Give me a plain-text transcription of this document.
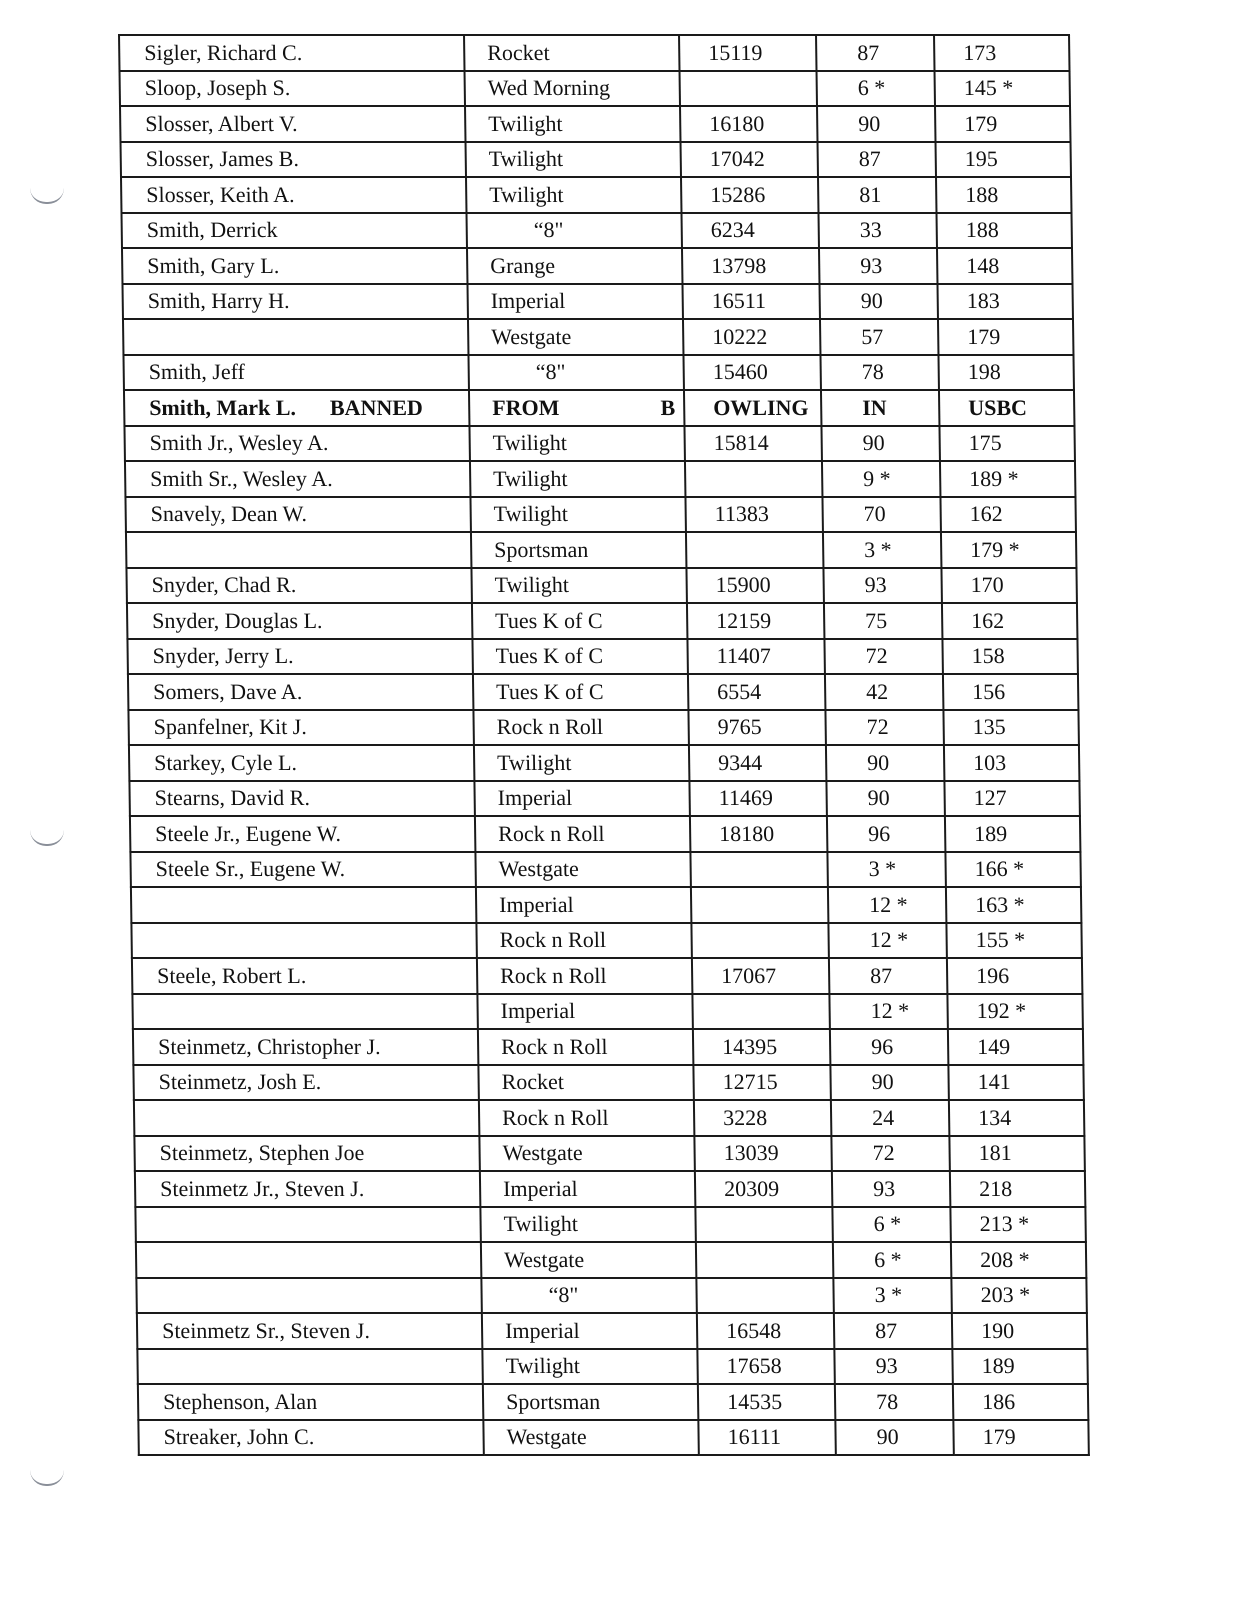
Sigler, Richard C.	Rocket	15119	87	173
Sloop, Joseph S.	Wed Morning		6 *	145 *
Slosser, Albert V.	Twilight	16180	90	179
Slosser, James B.	Twilight	17042	87	195
Slosser, Keith A.	Twilight	15286	81	188
Smith, Derrick	“8"	6234	33	188
Smith, Gary L.	Grange	13798	93	148
Smith, Harry H.	Imperial	16511	90	183
	Westgate	10222	57	179
Smith, Jeff	“8"	15460	78	198
Smith, Mark L. BANNED	FROM B	OWLING	IN	USBC
Smith Jr., Wesley A.	Twilight	15814	90	175
Smith Sr., Wesley A.	Twilight		9 *	189 *
Snavely, Dean W.	Twilight	11383	70	162
	Sportsman		3 *	179 *
Snyder, Chad R.	Twilight	15900	93	170
Snyder, Douglas L.	Tues K of C	12159	75	162
Snyder, Jerry L.	Tues K of C	11407	72	158
Somers, Dave A.	Tues K of C	6554	42	156
Spanfelner, Kit J.	Rock n Roll	9765	72	135
Starkey, Cyle L.	Twilight	9344	90	103
Stearns, David R.	Imperial	11469	90	127
Steele Jr., Eugene W.	Rock n Roll	18180	96	189
Steele Sr., Eugene W.	Westgate		3 *	166 *
	Imperial		12 *	163 *
	Rock n Roll		12 *	155 *
Steele, Robert L.	Rock n Roll	17067	87	196
	Imperial		12 *	192 *
Steinmetz, Christopher J.	Rock n Roll	14395	96	149
Steinmetz, Josh E.	Rocket	12715	90	141
	Rock n Roll	3228	24	134
Steinmetz, Stephen Joe	Westgate	13039	72	181
Steinmetz Jr., Steven J.	Imperial	20309	93	218
	Twilight		6 *	213 *
	Westgate		6 *	208 *
	“8"		3 *	203 *
Steinmetz Sr., Steven J.	Imperial	16548	87	190
	Twilight	17658	93	189
Stephenson, Alan	Sportsman	14535	78	186
Streaker, John C.	Westgate	16111	90	179
